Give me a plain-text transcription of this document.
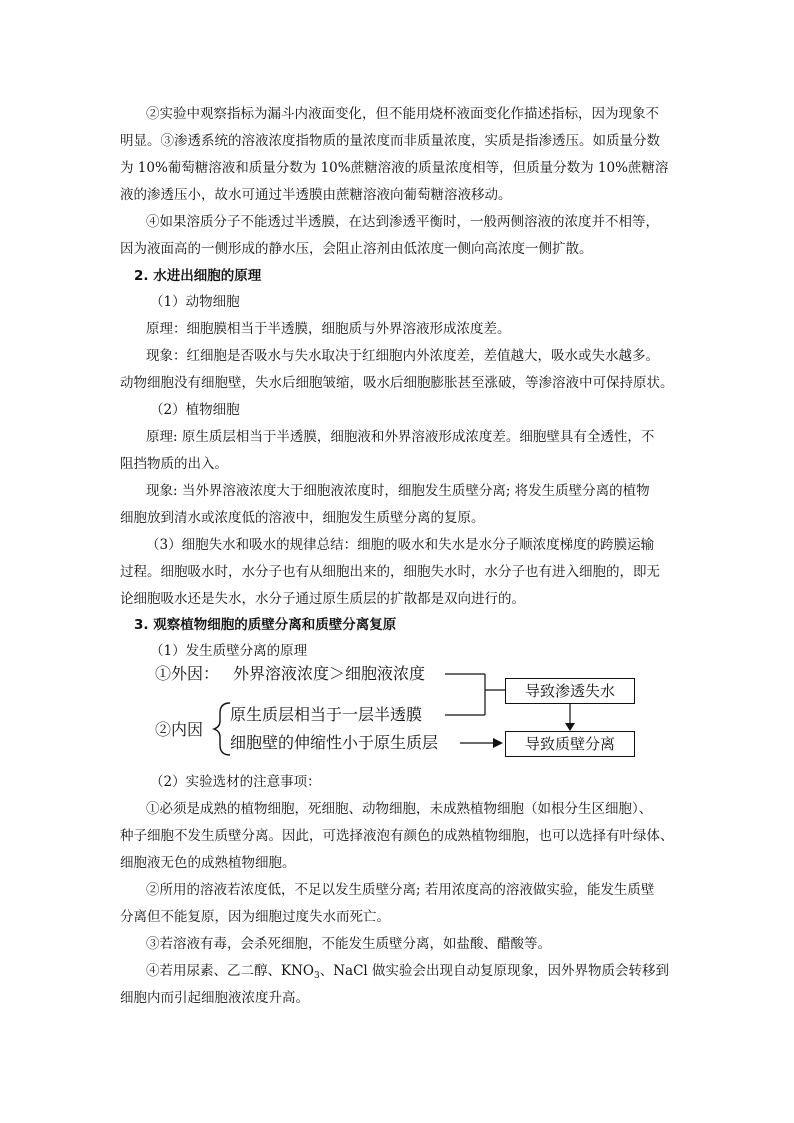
②实验中观察指标为漏斗内液面变化，但不能用烧杯液面变化作描述指标，因为现象不
明显。③渗透系统的溶液浓度指物质的量浓度而非质量浓度，实质是指渗透压。如质量分数
为 10%葡萄糖溶液和质量分数为 10%蔗糖溶液的质量浓度相等，但质量分数为 10%蔗糖溶
液的渗透压小，故水可通过半透膜由蔗糖溶液向葡萄糖溶液移动。
④如果溶质分子不能透过半透膜，在达到渗透平衡时，一般两侧溶液的浓度并不相等，
因为液面高的一侧形成的静水压，会阻止溶剂由低浓度一侧向高浓度一侧扩散。
2. 水进出细胞的原理
（1）动物细胞
原理：细胞膜相当于半透膜，细胞质与外界溶液形成浓度差。
现象：红细胞是否吸水与失水取决于红细胞内外浓度差，差值越大，吸水或失水越多。
动物细胞没有细胞壁，失水后细胞皱缩，吸水后细胞膨胀甚至涨破，等渗溶液中可保持原状。
（2）植物细胞
原理: 原生质层相当于半透膜，细胞液和外界溶液形成浓度差。细胞壁具有全透性，不
阻挡物质的出入。
现象: 当外界溶液浓度大于细胞液浓度时，细胞发生质壁分离; 将发生质壁分离的植物
细胞放到清水或浓度低的溶液中，细胞发生质壁分离的复原。
（3）细胞失水和吸水的规律总结：细胞的吸水和失水是水分子顺浓度梯度的跨膜运输
过程。细胞吸水时，水分子也有从细胞出来的，细胞失水时，水分子也有进入细胞的，即无
论细胞吸水还是失水，水分子通过原生质层的扩散都是双向进行的。
3. 观察植物细胞的质壁分离和质壁分离复原
（1）发生质壁分离的原理
①外因： 外界溶液浓度＞细胞液浓度
②内因
原生质层相当于一层半透膜
细胞壁的伸缩性小于原生质层
导致渗透失水
导致质壁分离
（2）实验选材的注意事项：
①必须是成熟的植物细胞，死细胞、动物细胞，未成熟植物细胞（如根分生区细胞）、
种子细胞不发生质壁分离。因此，可选择液泡有颜色的成熟植物细胞，也可以选择有叶绿体、
细胞液无色的成熟植物细胞。
②所用的溶液若浓度低，不足以发生质壁分离; 若用浓度高的溶液做实验，能发生质壁
分离但不能复原，因为细胞过度失水而死亡。
③若溶液有毒，会杀死细胞，不能发生质壁分离，如盐酸、醋酸等。
④若用尿素、乙二醇、$KNO_3$、NaCl 做实验会出现自动复原现象，因外界物质会转移到
细胞内而引起细胞液浓度升高。
